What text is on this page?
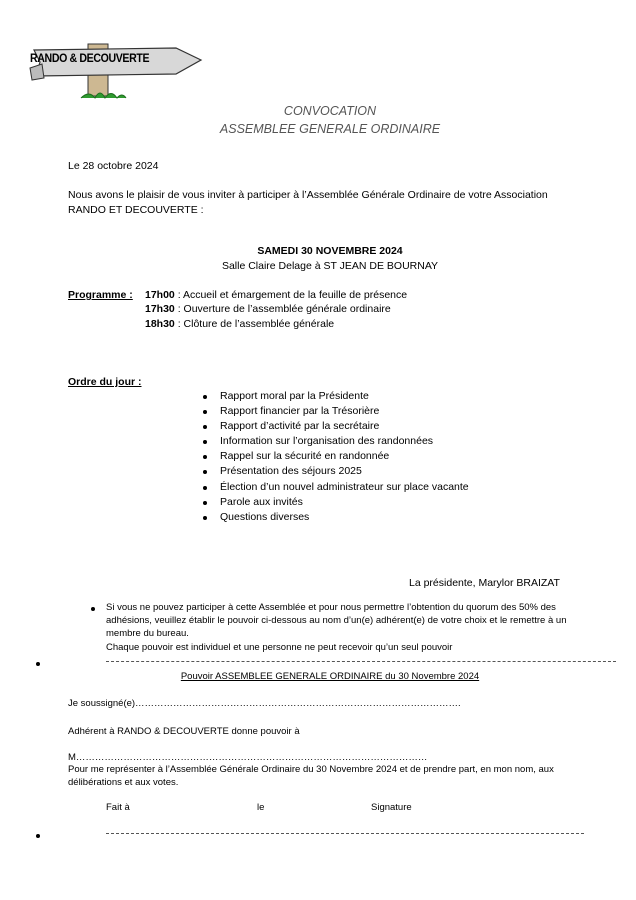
RANDO & DECOUVERTE
CONVOCATION
ASSEMBLEE GENERALE ORDINAIRE
Le 28 octobre 2024
Nous avons le plaisir de vous inviter à participer à l’Assemblée Générale Ordinaire de votre Association
RANDO ET DECOUVERTE :
SAMEDI 30 NOVEMBRE 2024
Salle Claire Delage à ST JEAN DE BOURNAY
Programme : 17h00 : Accueil et émargement de la feuille de présence
17h30 : Ouverture de l’assemblée générale ordinaire
18h30 : Clôture de l’assemblée générale
Ordre du jour :
Rapport moral par la Présidente
Rapport financier par la Trésorière
Rapport d’activité par la secrétaire
Information sur l’organisation des randonnées
Rappel sur la sécurité en randonnée
Présentation des séjours 2025
Élection d’un nouvel administrateur sur place vacante
Parole aux invités
Questions diverses
La présidente, Marylor BRAIZAT
Si vous ne pouvez participer à cette Assemblée et pour nous permettre l’obtention du quorum des 50% des
adhésions, veuillez établir le pouvoir ci-dessous au nom d’un(e) adhérent(e) de votre choix et le remettre à un
membre du bureau.
Chaque pouvoir est individuel et une personne ne peut recevoir qu’un seul pouvoir
Pouvoir ASSEMBLEE GENERALE ORDINAIRE du 30 Novembre 2024
Je soussigné(e)………………………………………………………………………………………….
Adhérent à RANDO & DECOUVERTE donne pouvoir à
M…………………………………………………………………………………………………
Pour me représenter à l’Assemblée Générale Ordinaire du 30 Novembre 2024 et de prendre part, en mon nom, aux
délibérations et aux votes.
Fait à	le	Signature
